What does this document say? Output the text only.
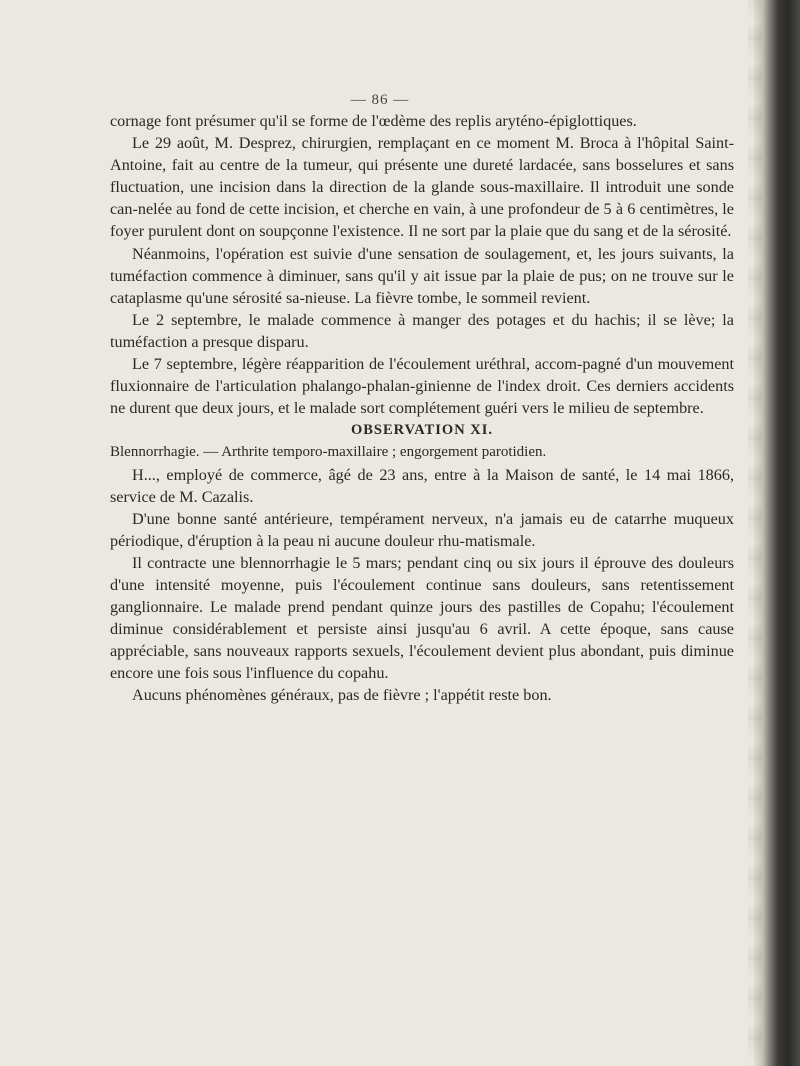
— 86 —

cornage font présumer qu'il se forme de l'œdème des replis aryténo-épiglottiques.

Le 29 août, M. Desprez, chirurgien, remplaçant en ce moment M. Broca à l'hôpital Saint-Antoine, fait au centre de la tumeur, qui présente une dureté lardacée, sans bosselures et sans fluctuation, une incision dans la direction de la glande sous-maxillaire. Il introduit une sonde can-nelée au fond de cette incision, et cherche en vain, à une profondeur de 5 à 6 centimètres, le foyer purulent dont on soupçonne l'existence. Il ne sort par la plaie que du sang et de la sérosité.

Néanmoins, l'opération est suivie d'une sensation de soulagement, et, les jours suivants, la tuméfaction commence à diminuer, sans qu'il y ait issue par la plaie de pus; on ne trouve sur le cataplasme qu'une sérosité sa-nieuse. La fièvre tombe, le sommeil revient.

Le 2 septembre, le malade commence à manger des potages et du hachis; il se lève; la tuméfaction a presque disparu.

Le 7 septembre, légère réapparition de l'écoulement uréthral, accom-pagné d'un mouvement fluxionnaire de l'articulation phalango-phalan-ginienne de l'index droit. Ces derniers accidents ne durent que deux jours, et le malade sort complétement guéri vers le milieu de septembre.

OBSERVATION XI.

Blennorrhagie. — Arthrite temporo-maxillaire ; engorgement parotidien.

H..., employé de commerce, âgé de 23 ans, entre à la Maison de santé, le 14 mai 1866, service de M. Cazalis.

D'une bonne santé antérieure, tempérament nerveux, n'a jamais eu de catarrhe muqueux périodique, d'éruption à la peau ni aucune douleur rhu-matismale.

Il contracte une blennorrhagie le 5 mars; pendant cinq ou six jours il éprouve des douleurs d'une intensité moyenne, puis l'écoulement continue sans douleurs, sans retentissement ganglionnaire. Le malade prend pendant quinze jours des pastilles de Copahu; l'écoulement diminue considérablement et persiste ainsi jusqu'au 6 avril. A cette époque, sans cause appréciable, sans nouveaux rapports sexuels, l'écoulement devient plus abondant, puis diminue encore une fois sous l'influence du copahu.

Aucuns phénomènes généraux, pas de fièvre ; l'appétit reste bon.
